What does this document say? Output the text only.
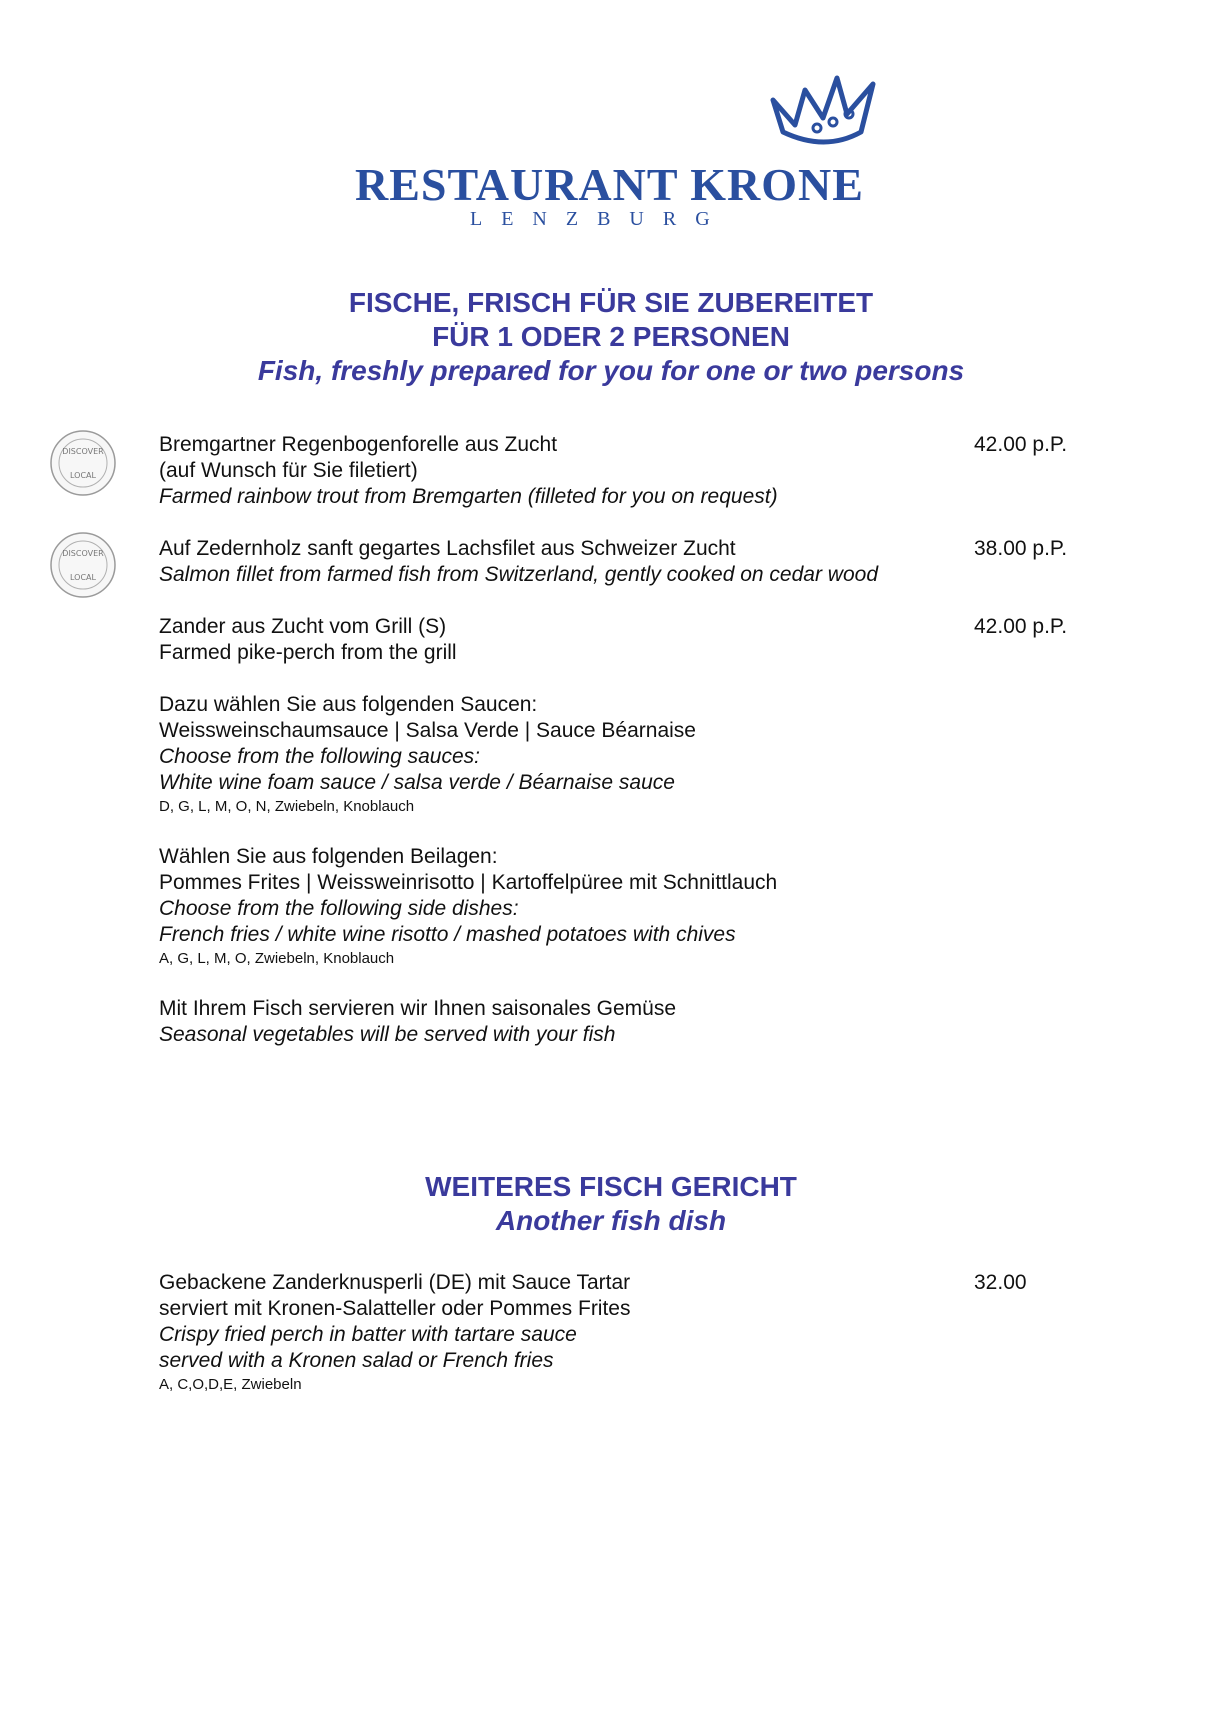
RESTAURANT KRONE
LENZBURG
FISCHE, FRISCH FÜR SIE ZUBEREITET
FÜR 1 ODER 2 PERSONEN
Fish, freshly prepared for you for one or two persons
DISCOVER
LOCAL
DISCOVER
LOCAL
Bremgartner Regenbogenforelle aus Zucht
(auf Wunsch für Sie filetiert)
Farmed rainbow trout from Bremgarten (filleted for you on request)
42.00 p.P.
Auf Zedernholz sanft gegartes Lachsfilet aus Schweizer Zucht
Salmon fillet from farmed fish from Switzerland, gently cooked on cedar wood
38.00 p.P.
Zander aus Zucht vom Grill (S)
Farmed pike-perch from the grill
42.00 p.P.
Dazu wählen Sie aus folgenden Saucen:
Weissweinschaumsauce | Salsa Verde | Sauce Béarnaise
Choose from the following sauces:
White wine foam sauce / salsa verde / Béarnaise sauce
D, G, L, M, O, N, Zwiebeln, Knoblauch
Wählen Sie aus folgenden Beilagen:
Pommes Frites | Weissweinrisotto | Kartoffelpüree mit Schnittlauch
Choose from the following side dishes:
French fries / white wine risotto / mashed potatoes with chives
A, G, L, M, O, Zwiebeln, Knoblauch
Mit Ihrem Fisch servieren wir Ihnen saisonales Gemüse
Seasonal vegetables will be served with your fish
WEITERES FISCH GERICHT
Another fish dish
Gebackene Zanderknusperli (DE) mit Sauce Tartar
serviert mit Kronen-Salatteller oder Pommes Frites
Crispy fried perch in batter with tartare sauce
served with a Kronen salad or French fries
A, C,O,D,E, Zwiebeln
32.00
